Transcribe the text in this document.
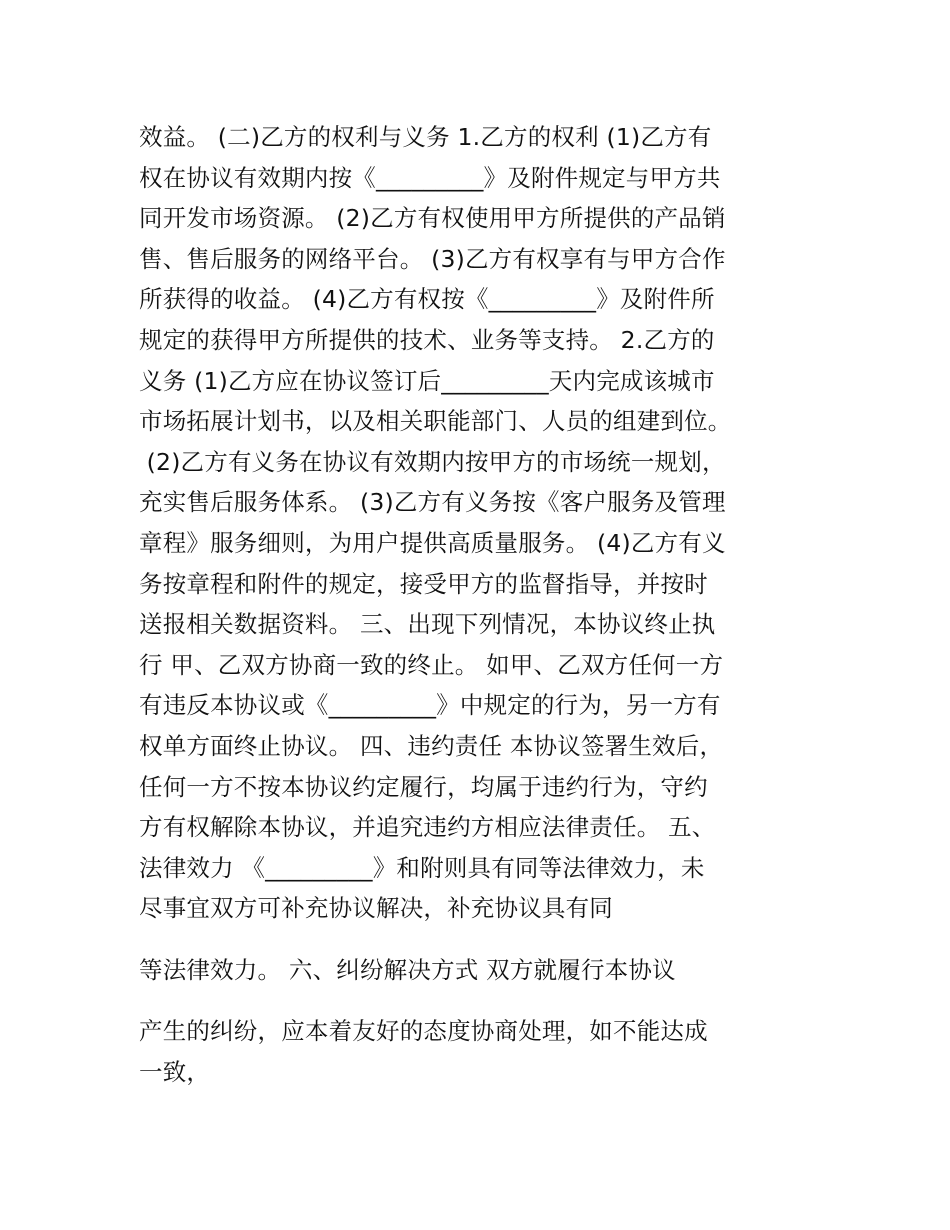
效益。 (二)乙方的权利与义务 1.乙方的权利 (1)乙方有
权在协议有效期内按《_________》及附件规定与甲方共
同开发市场资源。 (2)乙方有权使用甲方所提供的产品销
售、售后服务的网络平台。 (3)乙方有权享有与甲方合作
所获得的收益。 (4)乙方有权按《_________》及附件所
规定的获得甲方所提供的技术、业务等支持。 2.乙方的
义务 (1)乙方应在协议签订后_________天内完成该城市
市场拓展计划书，以及相关职能部门、人员的组建到位。
(2)乙方有义务在协议有效期内按甲方的市场统一规划，
充实售后服务体系。 (3)乙方有义务按《客户服务及管理
章程》服务细则，为用户提供高质量服务。 (4)乙方有义
务按章程和附件的规定，接受甲方的监督指导，并按时
送报相关数据资料。 三、出现下列情况，本协议终止执
行 甲、乙双方协商一致的终止。 如甲、乙双方任何一方
有违反本协议或《_________》中规定的行为，另一方有
权单方面终止协议。 四、违约责任 本协议签署生效后，
任何一方不按本协议约定履行，均属于违约行为，守约
方有权解除本协议，并追究违约方相应法律责任。 五、
法律效力 《_________》和附则具有同等法律效力，未
尽事宜双方可补充协议解决，补充协议具有同
等法律效力。 六、纠纷解决方式 双方就履行本协议
产生的纠纷，应本着友好的态度协商处理，如不能达成
一致，
